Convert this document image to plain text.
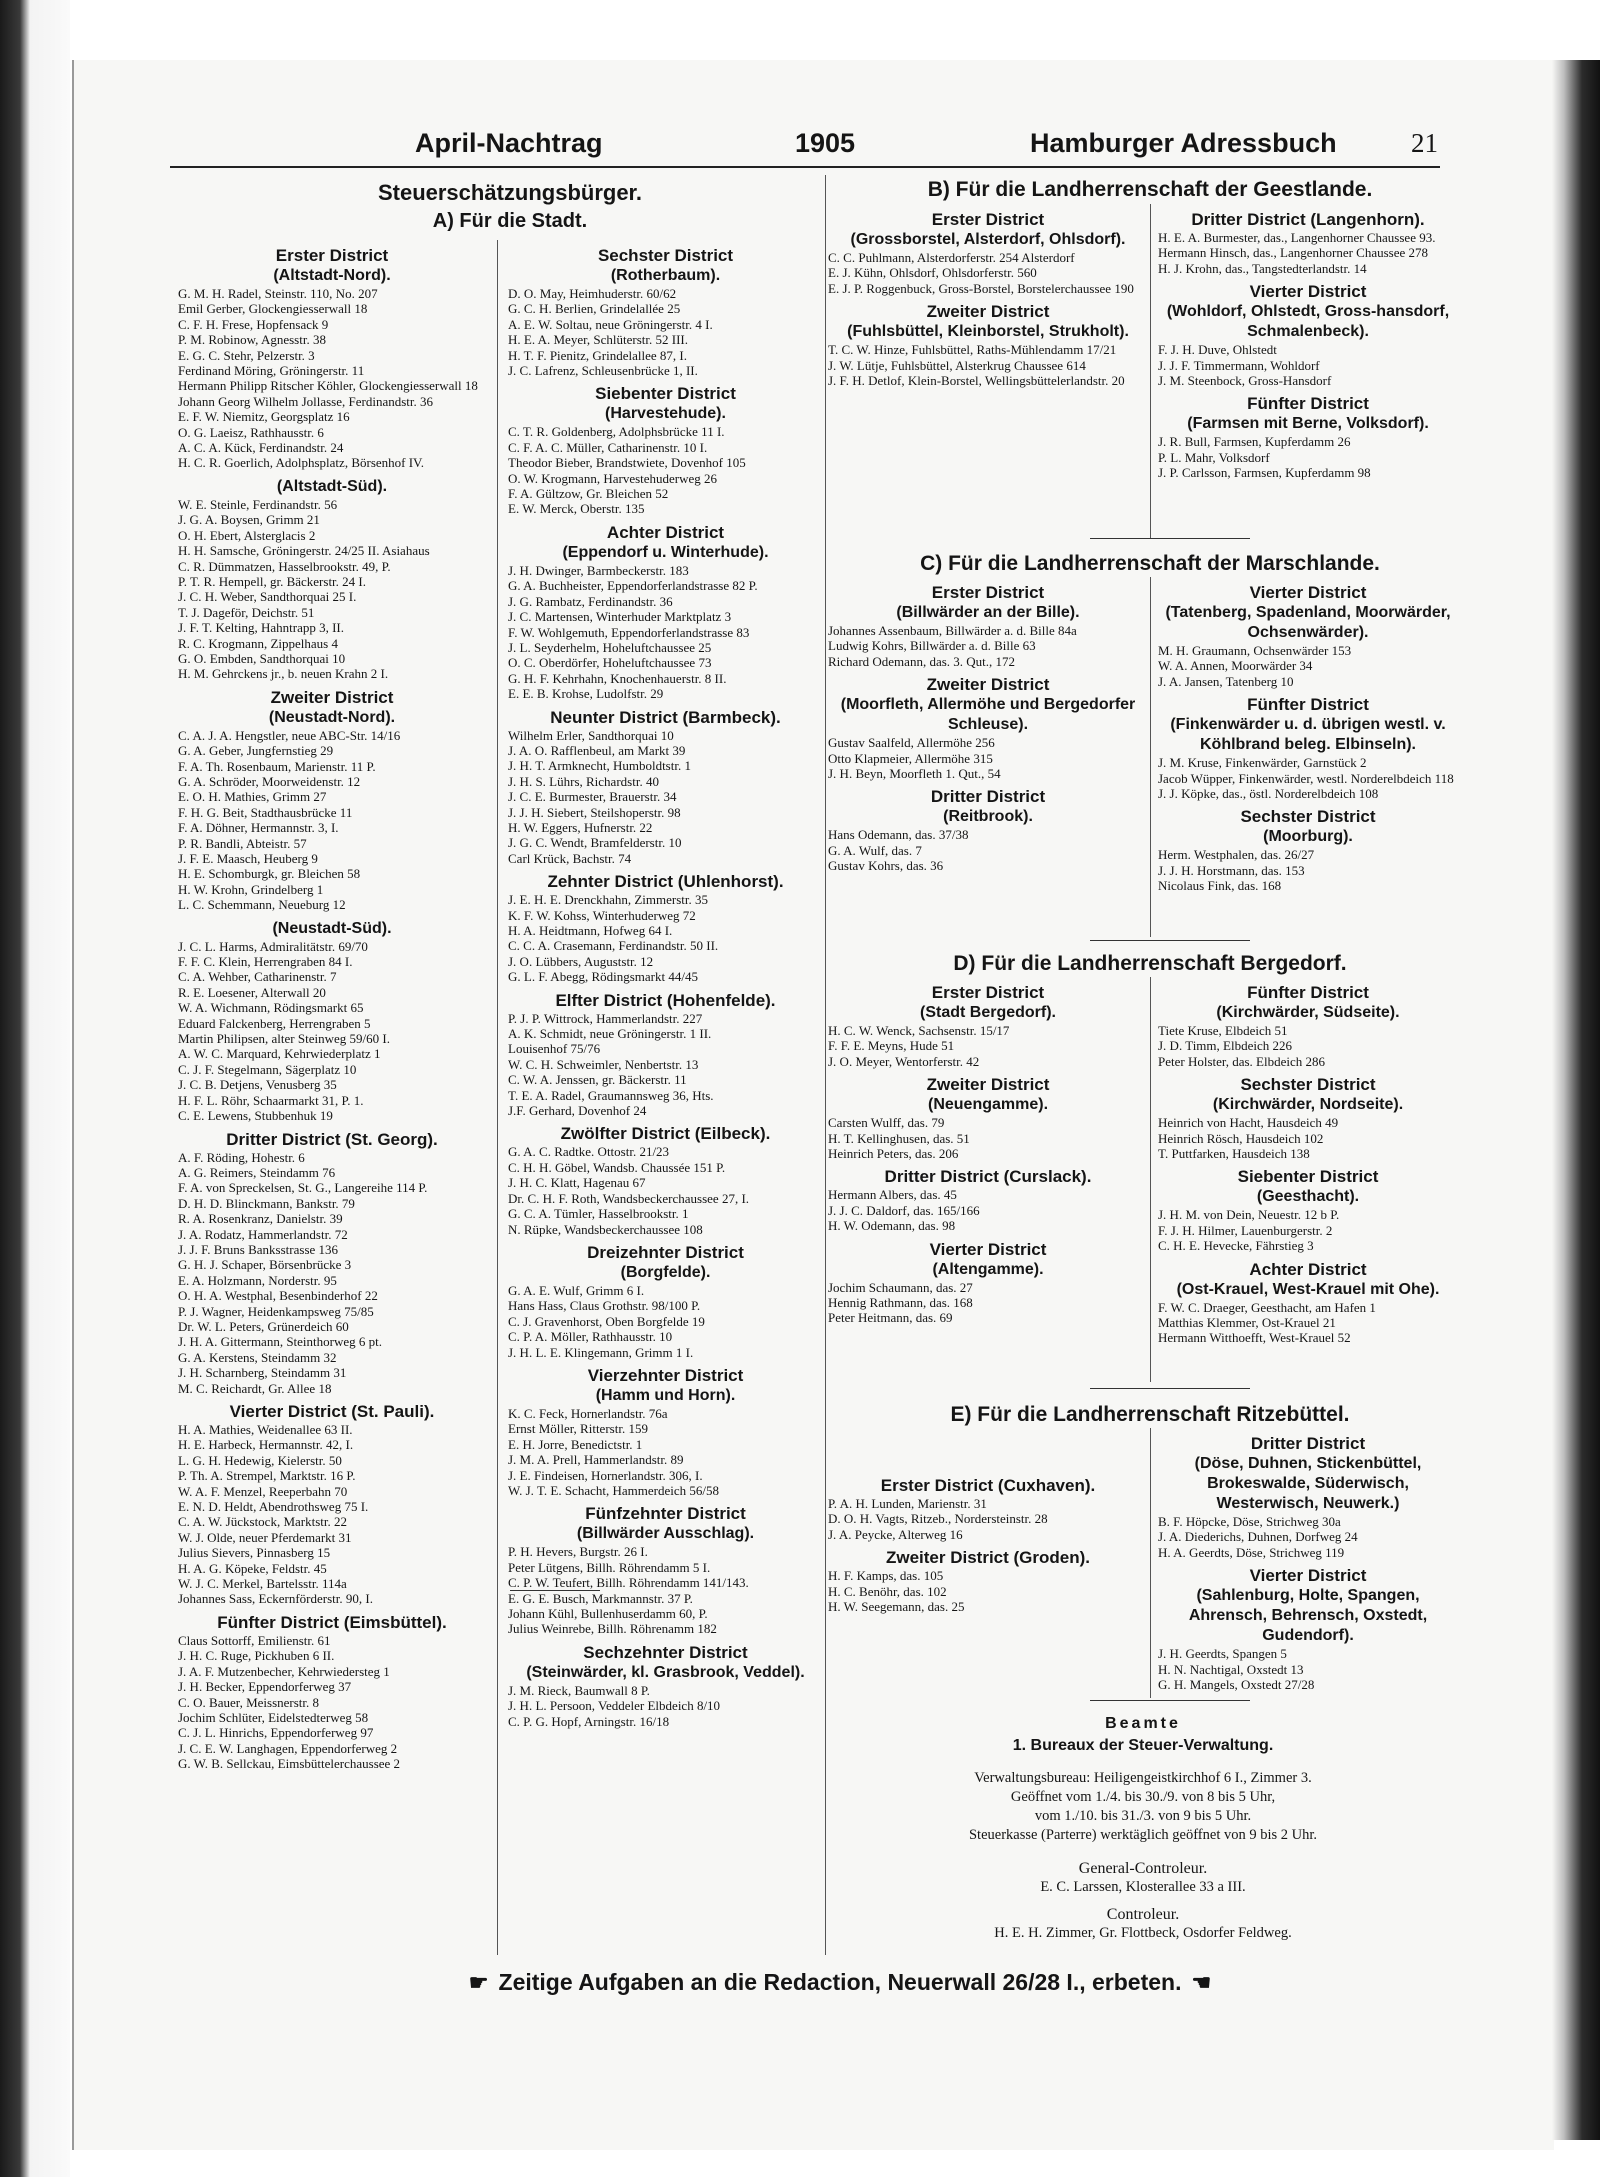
April-Nachtrag	1905	Hamburger Adressbuch	21
Steuerschätzungsbürger.
A) Für die Stadt.
B) Für die Landherrenschaft der Geestlande.
C) Für die Landherrenschaft der Marschlande.
D) Für die Landherrenschaft Bergedorf.
E) Für die Landherrenschaft Ritzebüttel.
Erster District
(Altstadt-Nord).

G. M. H. Radel, Steinstr. 110, No. 207

Emil Gerber, Glockengiesserwall 18

C. F. H. Frese, Hopfensack 9

P. M. Robinow, Agnesstr. 38

E. G. C. Stehr, Pelzerstr. 3

Ferdinand Möring, Gröningerstr. 11

Hermann Philipp Ritscher Köhler, Glockengiesserwall 18

Johann Georg Wilhelm Jollasse, Ferdinandstr. 36

E. F. W. Niemitz, Georgsplatz 16

O. G. Laeisz, Rathhausstr. 6

A. C. A. Kück, Ferdinandstr. 24

H. C. R. Goerlich, Adolphsplatz, Börsenhof IV.

(Altstadt-Süd).

W. E. Steinle, Ferdinandstr. 56

J. G. A. Boysen, Grimm 21

O. H. Ebert, Alsterglacis 2

H. H. Samsche, Gröningerstr. 24/25 II. Asiahaus

C. R. Dümmatzen, Hasselbrookstr. 49, P.

P. T. R. Hempell, gr. Bäckerstr. 24 I.

J. C. H. Weber, Sandthorquai 25 I.

T. J. Dageför, Deichstr. 51

J. F. T. Kelting, Hahntrapp 3, II.

R. C. Krogmann, Zippelhaus 4

G. O. Embden, Sandthorquai 10

H. M. Gehrckens jr., b. neuen Krahn 2 I.

Zweiter District
(Neustadt-Nord).

C. A. J. A. Hengstler, neue ABC-Str. 14/16

G. A. Geber, Jungfernstieg 29

F. A. Th. Rosenbaum, Marienstr. 11 P.

G. A. Schröder, Moorweidenstr. 12

E. O. H. Mathies, Grimm 27

F. H. G. Beit, Stadthausbrücke 11

F. A. Döhner, Hermannstr. 3, I.

P. R. Bandli, Abteistr. 57

J. F. E. Maasch, Heuberg 9

H. E. Schomburgk, gr. Bleichen 58

H. W. Krohn, Grindelberg 1

L. C. Schemmann, Neueburg 12

(Neustadt-Süd).

J. C. L. Harms, Admiralitätstr. 69/70

F. F. C. Klein, Herrengraben 84 I.

C. A. Wehber, Catharinenstr. 7

R. E. Loesener, Alterwall 20

W. A. Wichmann, Rödingsmarkt 65

Eduard Falckenberg, Herrengraben 5

Martin Philipsen, alter Steinweg 59/60 I.

A. W. C. Marquard, Kehrwiederplatz 1

C. J. F. Stegelmann, Sägerplatz 10

J. C. B. Detjens, Venusberg 35

H. F. L. Röhr, Schaarmarkt 31, P. 1.

C. E. Lewens, Stubbenhuk 19

Dritter District (St. Georg).

A. F. Röding, Hohestr. 6

A. G. Reimers, Steindamm 76

F. A. von Spreckelsen, St. G., Langereihe 114 P.

D. H. D. Blinckmann, Bankstr. 79

R. A. Rosenkranz, Danielstr. 39

J. A. Rodatz, Hammerlandstr. 72

J. J. F. Bruns Banksstrasse 136

G. H. J. Schaper, Börsenbrücke 3

E. A. Holzmann, Norderstr. 95

O. H. A. Westphal, Besenbinderhof 22

P. J. Wagner, Heidenkampsweg 75/85

Dr. W. L. Peters, Grünerdeich 60

J. H. A. Gittermann, Steinthorweg 6 pt.

G. A. Kerstens, Steindamm 32

J. H. Scharnberg, Steindamm 31

M. C. Reichardt, Gr. Allee 18

Vierter District (St. Pauli).

H. A. Mathies, Weidenallee 63 II.

H. E. Harbeck, Hermannstr. 42, I.

L. G. H. Hedewig, Kielerstr. 50

P. Th. A. Strempel, Marktstr. 16 P.

W. A. F. Menzel, Reeperbahn 70

E. N. D. Heldt, Abendrothsweg 75 I.

C. A. W. Jückstock, Marktstr. 22

W. J. Olde, neuer Pferdemarkt 31

Julius Sievers, Pinnasberg 15

H. A. G. Köpeke, Feldstr. 45

W. J. C. Merkel, Bartelsstr. 114a

Johannes Sass, Eckernförderstr. 90, I.

Fünfter District (Eimsbüttel).

Claus Sottorff, Emilienstr. 61

J. H. C. Ruge, Pickhuben 6 II.

J. A. F. Mutzenbecher, Kehrwiedersteg 1

J. H. Becker, Eppendorferweg 37

C. O. Bauer, Meissnerstr. 8

Jochim Schlüter, Eidelstedterweg 58

C. J. L. Hinrichs, Eppendorferweg 97

J. C. E. W. Langhagen, Eppendorferweg 2

G. W. B. Sellckau, Eimsbüttelerchaussee 2

Sechster District
(Rotherbaum).

D. O. May, Heimhuderstr. 60/62

G. C. H. Berlien, Grindelallée 25

A. E. W. Soltau, neue Gröningerstr. 4 I.

H. E. A. Meyer, Schlüterstr. 52 III.

H. T. F. Pienitz, Grindelallee 87, I.

J. C. Lafrenz, Schleusenbrücke 1, II.

Siebenter District
(Harvestehude).

C. T. R. Goldenberg, Adolphsbrücke 11 I.

C. F. A. C. Müller, Catharinenstr. 10 I.

Theodor Bieber, Brandstwiete, Dovenhof 105

O. W. Krogmann, Harvestehuderweg 26

F. A. Gültzow, Gr. Bleichen 52

E. W. Merck, Oberstr. 135

Achter District
(Eppendorf u. Winterhude).

J. H. Dwinger, Barmbeckerstr. 183

G. A. Buchheister, Eppendorferlandstrasse 82 P.

J. G. Rambatz, Ferdinandstr. 36

J. C. Martensen, Winterhuder Marktplatz 3

F. W. Wohlgemuth, Eppendorferlandstrasse 83

J. L. Seyderhelm, Hoheluftchaussee 25

O. C. Oberdörfer, Hoheluftchaussee 73

G. H. F. Kehrhahn, Knochenhauerstr. 8 II.

E. E. B. Krohse, Ludolfstr. 29

Neunter District (Barmbeck).

Wilhelm Erler, Sandthorquai 10

J. A. O. Rafflenbeul, am Markt 39

J. H. T. Armknecht, Humboldtstr. 1

J. H. S. Lührs, Richardstr. 40

J. C. E. Burmester, Brauerstr. 34

J. J. H. Siebert, Steilshoperstr. 98

H. W. Eggers, Hufnerstr. 22

J. G. C. Wendt, Bramfelderstr. 10

Carl Krück, Bachstr. 74

Zehnter District (Uhlenhorst).

J. E. H. E. Drenckhahn, Zimmerstr. 35

K. F. W. Kohss, Winterhuderweg 72

H. A. Heidtmann, Hofweg 64 I.

C. C. A. Crasemann, Ferdinandstr. 50 II.

J. O. Lübbers, Auguststr. 12

G. L. F. Abegg, Rödingsmarkt 44/45

Elfter District (Hohenfelde).

P. J. P. Wittrock, Hammerlandstr. 227

A. K. Schmidt, neue Gröningerstr. 1 II.

Louisenhof 75/76

W. C. H. Schweimler, Nenbertstr. 13

C. W. A. Jenssen, gr. Bäckerstr. 11

T. E. A. Radel, Graumannsweg 36, Hts.

J.F. Gerhard, Dovenhof 24

Zwölfter District (Eilbeck).

G. A. C. Radtke. Ottostr. 21/23

C. H. H. Göbel, Wandsb. Chaussée 151 P.

J. H. C. Klatt, Hagenau 67

Dr. C. H. F. Roth, Wandsbeckerchaussee 27, I.

G. C. A. Tümler, Hasselbrookstr. 1

N. Rüpke, Wandsbeckerchaussee 108

Dreizehnter District
(Borgfelde).

G. A. E. Wulf, Grimm 6 I.

Hans Hass, Claus Grothstr. 98/100 P.

C. J. Gravenhorst, Oben Borgfelde 19

C. P. A. Möller, Rathhausstr. 10

J. H. L. E. Klingemann, Grimm 1 I.

Vierzehnter District
(Hamm und Horn).

K. C. Feck, Hornerlandstr. 76a

Ernst Möller, Ritterstr. 159

E. H. Jorre, Benedictstr. 1

J. M. A. Prell, Hammerlandstr. 89

J. E. Findeisen, Hornerlandstr. 306, I.

W. J. T. E. Schacht, Hammerdeich 56/58

Fünfzehnter District
(Billwärder Ausschlag).

P. H. Hevers, Burgstr. 26 I.

Peter Lütgens, Billh. Röhrendamm 5 I.

C. P. W. Teufert, Billh. Röhrendamm 141/143.

E. G. E. Busch, Markmannstr. 37 P.

Johann Kühl, Bullenhuserdamm 60, P.

Julius Weinrebe, Billh. Röhrenamm 182

Sechzehnter District
(Steinwärder, kl. Grasbrook, Veddel).

J. M. Rieck, Baumwall 8 P.

J. H. L. Persoon, Veddeler Elbdeich 8/10

C. P. G. Hopf, Arningstr. 16/18

Erster District
(Grossborstel, Alsterdorf, Ohlsdorf).

C. C. Puhlmann, Alsterdorferstr. 254 Alsterdorf

E. J. Kühn, Ohlsdorf, Ohlsdorferstr. 560

E. J. P. Roggenbuck, Gross-Borstel, Borstelerchaussee 190

Zweiter District
(Fuhlsbüttel, Kleinborstel, Strukholt).

T. C. W. Hinze, Fuhlsbüttel, Raths-Mühlendamm 17/21

J. W. Lütje, Fuhlsbüttel, Alsterkrug Chaussee 614

J. F. H. Detlof, Klein-Borstel, Wellingsbüttelerlandstr. 20

Dritter District (Langenhorn).

H. E. A. Burmester, das., Langenhorner Chaussee 93.

Hermann Hinsch, das., Langenhorner Chaussee 278

H. J. Krohn, das., Tangstedterlandstr. 14

Vierter District
(Wohldorf, Ohlstedt, Gross-hansdorf, Schmalenbeck).

F. J. H. Duve, Ohlstedt

J. J. F. Timmermann, Wohldorf

J. M. Steenbock, Gross-Hansdorf

Fünfter District
(Farmsen mit Berne, Volksdorf).

J. R. Bull, Farmsen, Kupferdamm 26

P. L. Mahr, Volksdorf

J. P. Carlsson, Farmsen, Kupferdamm 98

Erster District
(Billwärder an der Bille).

Johannes Assenbaum, Billwärder a. d. Bille 84a

Ludwig Kohrs, Billwärder a. d. Bille 63

Richard Odemann, das. 3. Qut., 172

Zweiter District
(Moorfleth, Allermöhe und Bergedorfer Schleuse).

Gustav Saalfeld, Allermöhe 256

Otto Klapmeier, Allermöhe 315

J. H. Beyn, Moorfleth 1. Qut., 54

Dritter District
(Reitbrook).

Hans Odemann, das. 37/38

G. A. Wulf, das. 7

Gustav Kohrs, das. 36

Vierter District
(Tatenberg, Spadenland, Moorwärder, Ochsenwärder).

M. H. Graumann, Ochsenwärder 153

W. A. Annen, Moorwärder 34

J. A. Jansen, Tatenberg 10

Fünfter District
(Finkenwärder u. d. übrigen westl. v. Köhlbrand beleg. Elbinseln).

J. M. Kruse, Finkenwärder, Garnstück 2

Jacob Wüpper, Finkenwärder, westl. Norderelbdeich 118

J. J. Köpke, das., östl. Norderelbdeich 108

Sechster District
(Moorburg).

Herm. Westphalen, das. 26/27

J. J. H. Horstmann, das. 153

Nicolaus Fink, das. 168

Erster District
(Stadt Bergedorf).

H. C. W. Wenck, Sachsenstr. 15/17

F. F. E. Meyns, Hude 51

J. O. Meyer, Wentorferstr. 42

Zweiter District
(Neuengamme).

Carsten Wulff, das. 79

H. T. Kellinghusen, das. 51

Heinrich Peters, das. 206

Dritter District (Curslack).

Hermann Albers, das. 45

J. J. C. Daldorf, das. 165/166

H. W. Odemann, das. 98

Vierter District
(Altengamme).

Jochim Schaumann, das. 27

Hennig Rathmann, das. 168

Peter Heitmann, das. 69

Fünfter District
(Kirchwärder, Südseite).

Tiete Kruse, Elbdeich 51

J. D. Timm, Elbdeich 226

Peter Holster, das. Elbdeich 286

Sechster District
(Kirchwärder, Nordseite).

Heinrich von Hacht, Hausdeich 49

Heinrich Rösch, Hausdeich 102

T. Puttfarken, Hausdeich 138

Siebenter District
(Geesthacht).

J. H. M. von Dein, Neuestr. 12 b P.

F. J. H. Hilmer, Lauenburgerstr. 2

C. H. E. Hevecke, Fährstieg 3

Achter District
(Ost-Krauel, West-Krauel mit Ohe).

F. W. C. Draeger, Geesthacht, am Hafen 1

Matthias Klemmer, Ost-Krauel 21

Hermann Witthoefft, West-Krauel 52

Erster District (Cuxhaven).

P. A. H. Lunden, Marienstr. 31

D. O. H. Vagts, Ritzeb., Nordersteinstr. 28

J. A. Peycke, Alterweg 16

Zweiter District (Groden).

H. F. Kamps, das. 105

H. C. Benöhr, das. 102

H. W. Seegemann, das. 25

Dritter District
(Döse, Duhnen, Stickenbüttel, Brokeswalde, Süderwisch, Westerwisch, Neuwerk.)

B. F. Höpcke, Döse, Strichweg 30a

J. A. Diederichs, Duhnen, Dorfweg 24

H. A. Geerdts, Döse, Strichweg 119

Vierter District
(Sahlenburg, Holte, Spangen, Ahrensch, Behrensch, Oxstedt, Gudendorf).

J. H. Geerdts, Spangen 5

H. N. Nachtigal, Oxstedt 13

G. H. Mangels, Oxstedt 27/28

Beamte
1. Bureaux der Steuer-Verwaltung.
Verwaltungsbureau: Heiligengeistkirchhof 6 I., Zimmer 3.
Geöffnet vom 1./4. bis 30./9. von 8 bis 5 Uhr,
vom 1./10. bis 31./3. von 9 bis 5 Uhr.
Steuerkasse (Parterre) werktäglich geöffnet von 9 bis 2 Uhr.
General-Controleur.
E. C. Larssen, Klosterallee 33 a III.
Controleur.
H. E. H. Zimmer, Gr. Flottbeck, Osdorfer Feldweg.
☛ Zeitige Aufgaben an die Redaction, Neuerwall 26/28 I., erbeten. ☚
